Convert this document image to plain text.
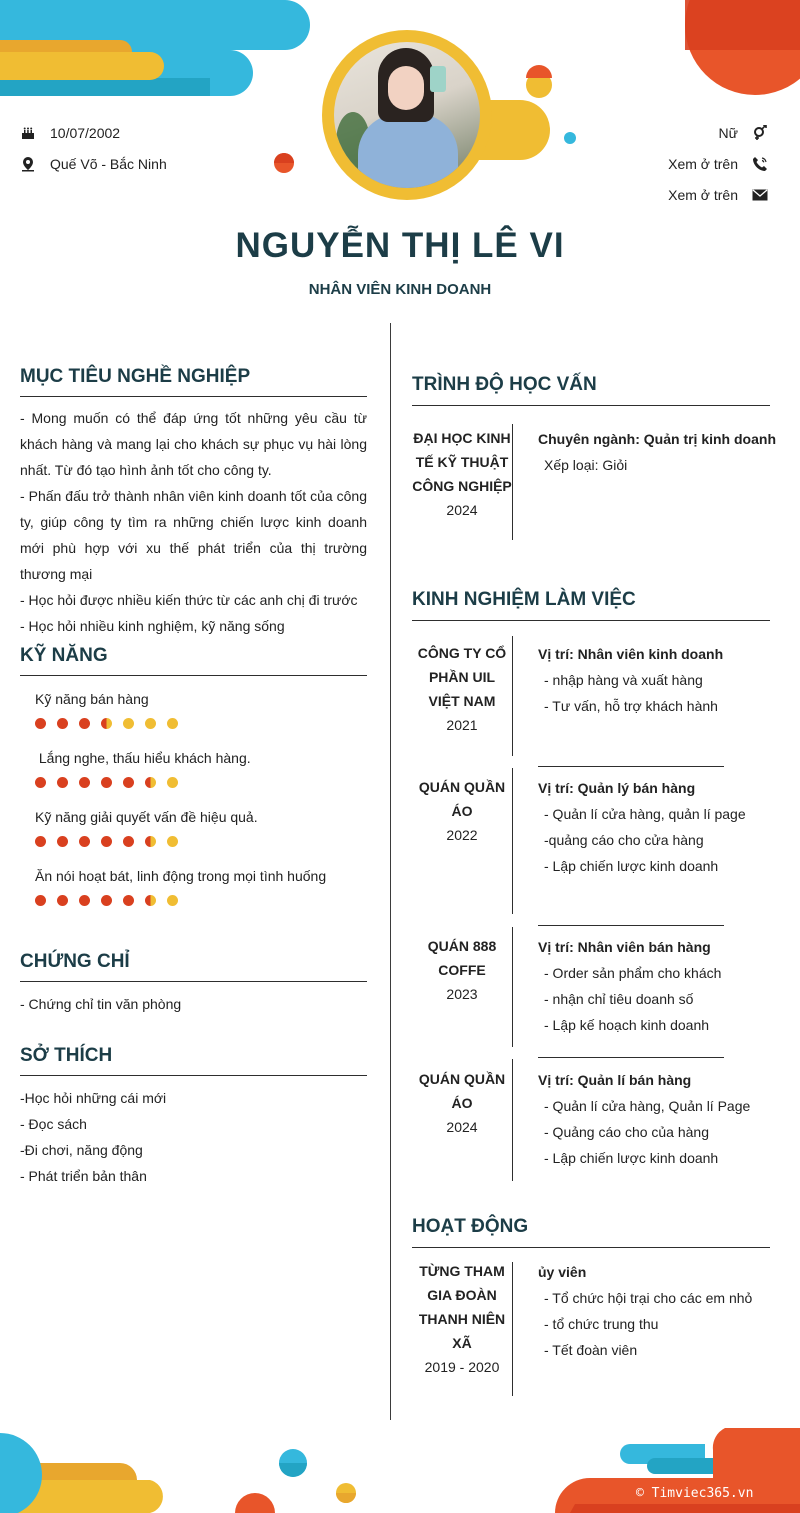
10/07/2002
Quế Võ - Bắc Ninh
Nữ
Xem ở trên
Xem ở trên
NGUYỄN THỊ LÊ VI
NHÂN VIÊN KINH DOANH
MỤC TIÊU NGHỀ NGHIỆP
- Mong muốn có thể đáp ứng tốt những yêu cầu từ khách hàng và mang lại cho khách sự phục vụ hài lòng nhất. Từ đó tạo hình ảnh tốt cho công ty.
- Phấn đấu trở thành nhân viên kinh doanh tốt của công ty, giúp công ty tìm ra những chiến lược kinh doanh mới phù hợp với xu thế phát triển của thị trường thương mại
- Học hỏi được nhiều kiến thức từ các anh chị đi trước
- Học hỏi nhiều kinh nghiệm, kỹ năng sống
KỸ NĂNG
Kỹ năng bán hàng
Lắng nghe, thấu hiểu khách hàng.
Kỹ năng giải quyết vấn đề hiệu quả.
Ăn nói hoạt bát, linh động trong mọi tình huống
CHỨNG CHỈ
- Chứng chỉ tin văn phòng
SỞ THÍCH
-Học hỏi những cái mới
- Đọc sách
-Đi chơi, năng động
- Phát triển bản thân
TRÌNH ĐỘ HỌC VẤN
ĐẠI HỌC KINH TẾ KỸ THUẬT CÔNG NGHIỆP
2024
Chuyên ngành: Quản trị kinh doanh
Xếp loại: Giỏi
KINH NGHIỆM LÀM VIỆC
CÔNG TY CỔ PHẦN UIL VIỆT NAM
2021
Vị trí: Nhân viên kinh doanh
- nhập hàng và xuất hàng
- Tư vấn, hỗ trợ khách hành
QUÁN QUẦN ÁO
2022
Vị trí: Quản lý bán hàng
- Quản lí cửa hàng, quản lí page
-quảng cáo cho cửa hàng
- Lập chiến lược kinh doanh
QUÁN 888 COFFE
2023
Vị trí: Nhân viên bán hàng
- Order sản phẩm cho khách
- nhận chỉ tiêu doanh số
- Lập kế hoạch kinh doanh
QUÁN QUẦN ÁO
2024
Vị trí: Quản lí bán hàng
- Quản lí cửa hàng, Quản lí Page
- Quảng cáo cho của hàng
- Lập chiến lược kinh doanh
HOẠT ĐỘNG
TỪNG THAM GIA ĐOÀN THANH NIÊN XÃ
2019 - 2020
ủy viên
- Tổ chức hội trại cho các em nhỏ
- tổ chức trung thu
- Tết đoàn viên
© Timviec365.vn
